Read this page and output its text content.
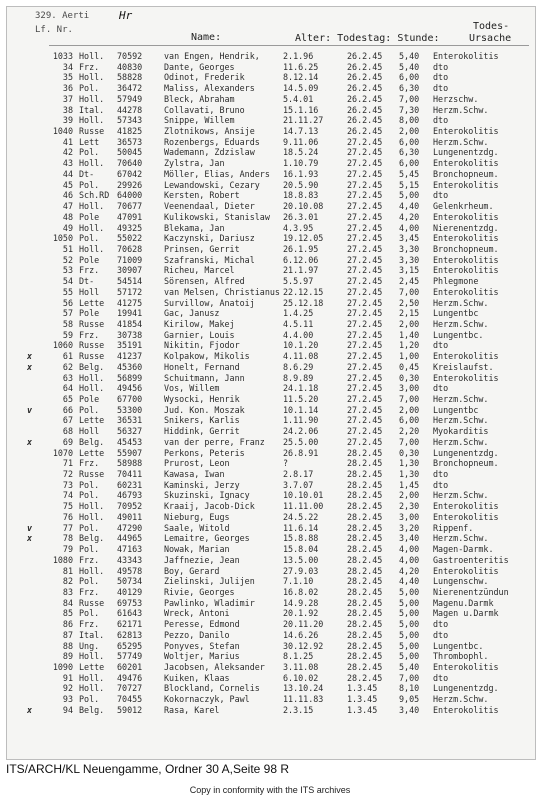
329. Aerti	Hr
Lf. Nr.
Name:	Alter: Todestag: Stunde:
Todes-
Ursache
1033 Holl.	70592	van Engen, Hendrik,	2.1.96	26.2.45	5,40	Enterokolitis
34 Frz.	40830	Dante, Georges	11.6.25	26.2.45	5,40	dto
35 Holl.	58828	Odinot, Frederik	8.12.14	26.2.45	6,00	dto
36 Pol.	36472	Maliss, Alexanders	14.5.09	26.2.45	6,30	dto
37 Holl.	57949	Bleck, Abraham	5.4.01	26.2.45	7,00	Herzschw.
38 Ital.	44278	Collavati, Bruno	15.1.16	26.2.45	7,30	Herzm.Schw.
39 Holl.	57343	Snippe, Willem	21.11.27	26.2.45	8,00	dto
1040 Russe	41825	Zlotnikows, Ansije	14.7.13	26.2.45	2,00	Enterokolitis
41 Lett	36573	Rozenbergs, Eduards	9.11.06	27.2.45	6,00	Herzm.Schw.
42 Pol.	50045	Wademann, Zdzislaw	18.5.24	27.2.45	6,30	Lungenentzdg.
43 Holl.	70640	Zylstra, Jan	1.10.79	27.2.45	6,00	Enterokolitis
44 Dt-	67042	Möller, Elias, Anders	16.1.93	27.2.45	5,45	Bronchopneum.
45 Pol.	29926	Lewandowski, Cezary	20.5.90	27.2.45	5,15	Enterokolitis
46 Sch.RD 64000	Kersten, Robert	18.8.83	27.2.45	5,00	dto
47 Holl.	70677	Veenendaal, Dieter	20.10.08	27.2.45	4,40	Gelenkrheum.
48 Pole	47091	Kulikowski, Stanislaw	26.3.01	27.2.45	4,20	Enterokolitis
49 Holl.	49325	Blekama, Jan	4.3.95	27.2.45	4,00	Nierenentzdg.
1050 Pol.	55022	Kaczynski, Dariusz	19.12.05	27.2.45	3,45	Enterokolitis
51 Holl.	70628	Prinsen, Gerrit	26.1.95	27.2.45	3,30	Bronchopneum.
52 Pole	71009	Szafranski, Michal	6.12.06	27.2.45	3,30	Enterokolitis
53 Frz.	30907	Richeu, Marcel	21.1.97	27.2.45	3,15	Enterokolitis
54 Dt-	54514	Sörensen, Alfred	5.5.97	27.2.45	2,45	Phlegmone
55 Holl	57172	van Melsen, Christianus 22.12.15	27.2.45	7,00	Enterokolitis
56 Lette	41275	Survillow, Anatoij	25.12.18	27.2.45	2,50	Herzm.Schw.
57 Pole	19941	Gac, Janusz	1.4.25	27.2.45	2,15	Lungentbc
58 Russe	41854	Kirilow, Makej	4.5.11	27.2.45	2,00	Herzm.Schw.
59 Frz.	30738	Garnier, Louis	4.4.00	27.2.45	1,40	Lungentbc.
1060 Russe	35191	Nikitin, Fjodor	10.1.20	27.2.45	1,20	dto
x	61 Russe	41237	Kolpakow, Mikolis	4.11.08	27.2.45	1,00	Enterokolitis
x	62 Belg.	45360	Honelt, Fernand	8.6.29	27.2.45	0,45	Kreislaufst.
63 Holl.	56899	Schuitmann, Jann	8.9.89	27.2.45	0,30	Enterokolitis
64 Holl.	49456	Vos, Willem	24.1.18	27.2.45	3,00	dto
65 Pole	67700	Wysocki, Henrik	11.5.20	27.2.45	7,00	Herzm.Schw.
v	66 Pol.	53300	Jud. Kon. Moszak	10.1.14	27.2.45	2,00	Lungentbc
67 Lette	36531	Snikers, Karlis	1.11.90	27.2.45	6,00	Herzm.Schw.
68 Holl	56327	Hiddink, Gerrit	24.2.06	27.2.45	2,20	Myokarditis
x	69 Belg.	45453	van der perre, Franz	25.5.00	27.2.45	7,00	Herzm.Schw.
1070 Lette	55907	Perkons, Peteris	26.8.91	28.2.45	0,30	Lungenentzdg.
71 Frz.	58988	Prurost, Leon	?	28.2.45	1,30	Bronchopneum.
72 Russe	70411	Kawasa, Iwan	2.8.17	28.2.45	1,30	dto
73 Pol.	60231	Kaminski, Jerzy	3.7.07	28.2.45	1,45	dto
74 Pol.	46793	Skuzinski, Ignacy	10.10.01	28.2.45	2,00	Herzm.Schw.
75 Holl.	70952	Kraaij, Jacob-Dick	11.11.00	28.2.45	2,30	Enterokolitis
76 Holl.	49011	Nieburg, Eugs	24.5.22	28.2.45	3,00	Enterokolitis
v	77 Pol.	47290	Saale, Witold	11.6.14	28.2.45	3,20	Rippenf.
x	78 Belg.	44965	Lemaitre, Georges	15.8.88	28.2.45	3,40	Herzm.Schw.
79 Pol.	47163	Nowak, Marian	15.8.04	28.2.45	4,00	Magen-Darmk.
1080 Frz.	43343	Jaffnezie, Jean	13.5.00	28.2.45	4,00	Gastroenteritis
81 Holl.	49578	Boy, Gerard	27.9.03	28.2.45	4,20	Enterokolitis
82 Pol.	50734	Zielinski, Julijen	7.1.10	28.2.45	4,40	Lungenschw.
83 Frz.	40129	Rivie, Georges	16.8.02	28.2.45	5,00	Nierenentzündun
84 Russe	69753	Pawlinko, Wladimir	14.9.28	28.2.45	5,00	Magenu.Darmk
85 Pol.	61643	Wreck, Antoni	20.1.92	28.2.45	5,00	Magen u.Darmk
86 Frz.	62171	Peresse, Edmond	20.11.20	28.2.45	5,00	dto
87 Ital.	62813	Pezzo, Danilo	14.6.26	28.2.45	5,00	dto
88 Ung.	65295	Ponyves, Stefan	30.12.92	28.2.45	5,00	Lungentbc.
89 Holl.	57749	Woltjer, Marius	8.1.25	28.2.45	5,00	Thrombophl.
1090 Lette	60201	Jacobsen, Aleksander	3.11.08	28.2.45	5,40	Enterokolitis
91 Holl.	49476	Kuiken, Klaas	6.10.02	28.2.45	7,00	dto
92 Holl.	70727	Blockland, Cornelis	13.10.24	1.3.45	8,10	Lungenentzdg.
93 Pol.	70455	Kokornaczyk, Pawl	11.11.83	1.3.45	9,05	Herzm.Schw.
x	94 Belg.	59012	Rasa, Karel	2.3.15	1.3.45	3,40	Enterokolitis
ITS/ARCH/KL Neuengamme, Ordner 30 A,Seite 98 R
Copy in conformity with the ITS archives
